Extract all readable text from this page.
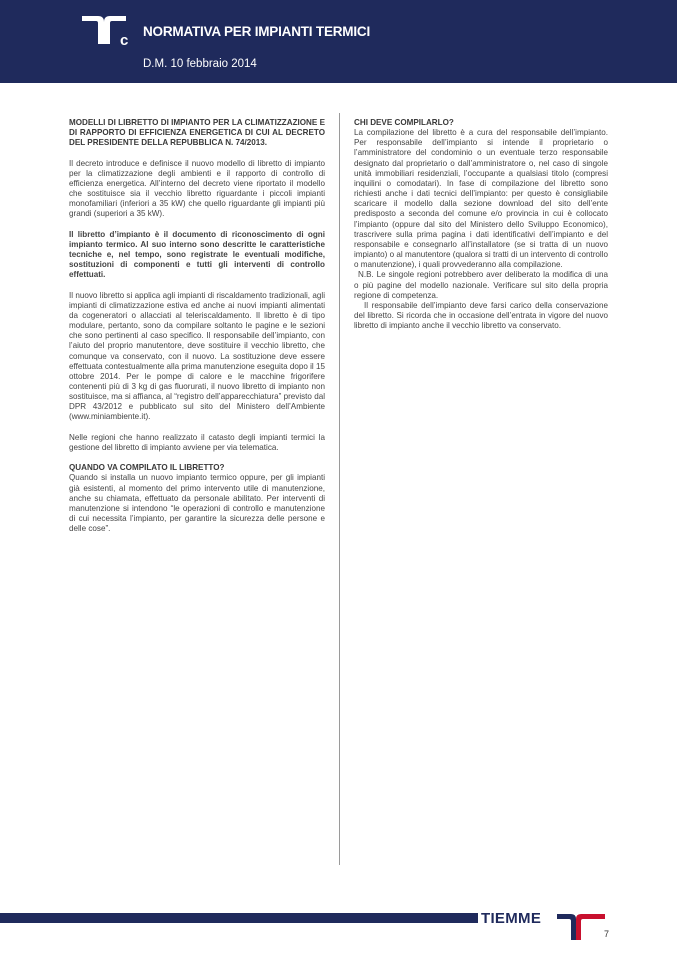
c
NORMATIVA PER IMPIANTI TERMICI
D.M. 10 febbraio 2014

MODELLI DI LIBRETTO DI IMPIANTO PER LA CLIMATIZZAZIONE E DI RAPPORTO DI EFFICIENZA ENERGETICA DI CUI AL DECRETO DEL PRESIDENTE DELLA REPUBBLICA N. 74/2013.

Il decreto introduce e definisce il nuovo modello di libretto di impianto per la climatizzazione degli ambienti e il rapporto di controllo di efficienza energetica. All’interno del decreto viene riportato il modello che sostituisce sia il vecchio libretto riguardante i piccoli impianti monofamiliari (inferiori a 35 kW) che quello riguardante gli impianti più grandi (superiori a 35 kW).

Il libretto d’impianto è il documento di riconoscimento di ogni impianto termico. Al suo interno sono descritte le caratteristiche tecniche e, nel tempo, sono registrate le eventuali modifiche, sostituzioni di componenti e tutti gli interventi di controllo effettuati.

Il nuovo libretto si applica agli impianti di riscaldamento tradizionali, agli impianti di climatizzazione estiva ed anche ai nuovi impianti alimentati da cogeneratori o allacciati al teleriscaldamento. Il libretto è di tipo modulare, pertanto, sono da compilare soltanto le pagine e le sezioni che sono pertinenti al caso specifico. Il responsabile dell’impianto, con l’aiuto del proprio manutentore, deve sostituire il vecchio libretto, che comunque va conservato, con il nuovo. La sostituzione deve essere effettuata contestualmente alla prima manutenzione eseguita dopo il 15 ottobre 2014. Per le pompe di calore e le macchine frigorifere contenenti più di 3 kg di gas fluorurati, il nuovo libretto di impianto non sostituisce, ma si affianca, al “registro dell’apparecchiatura” previsto dal DPR 43/2012 e pubblicato sul sito del Ministero dell’Ambiente (www.miniambiente.it).

Nelle regioni che hanno realizzato il catasto degli impianti termici la gestione del libretto di impianto avviene per via telematica.

QUANDO VA COMPILATO IL LIBRETTO?

Quando si installa un nuovo impianto termico oppure, per gli impianti già esistenti, al momento del primo intervento utile di manutenzione, anche su chiamata, effettuato da personale abilitato. Per interventi di manutenzione si intendono “le operazioni di controllo e manutenzione di cui necessita l’impianto, per garantire la sicurezza delle persone e delle cose”.

CHI DEVE COMPILARLO?

La compilazione del libretto è a cura del responsabile dell’impianto. Per responsabile dell’impianto si intende il proprietario o l’amministratore del condominio o un eventuale terzo responsabile designato dal proprietario o dall’amministratore o, nel caso di singole unità immobiliari residenziali, l’occupante a qualsiasi titolo (compresi inquilini o comodatari). In fase di compilazione del libretto sono richiesti anche i dati tecnici dell’impianto: per questo è consigliabile scaricare il modello dalla sezione download del sito dell’ente predisposto a seconda del comune e/o provincia in cui è collocato l’impianto (oppure dal sito del Ministero dello Sviluppo Economico), trascrivere sulla prima pagina i dati identificativi dell’impianto e del responsabile e consegnarlo all’installatore (se si tratta di un nuovo impianto) o al manutentore (qualora si tratti di un intervento di controllo o manutenzione), i quali provvederanno alla compilazione.

N.B. Le singole regioni potrebbero aver deliberato la modifica di una o più pagine del modello nazionale. Verificare sul sito della propria regione di competenza.

Il responsabile dell’impianto deve farsi carico della conservazione del libretto. Si ricorda che in occasione dell’entrata in vigore del nuovo libretto di impianto anche il vecchio libretto va conservato.

TIEMME
7
